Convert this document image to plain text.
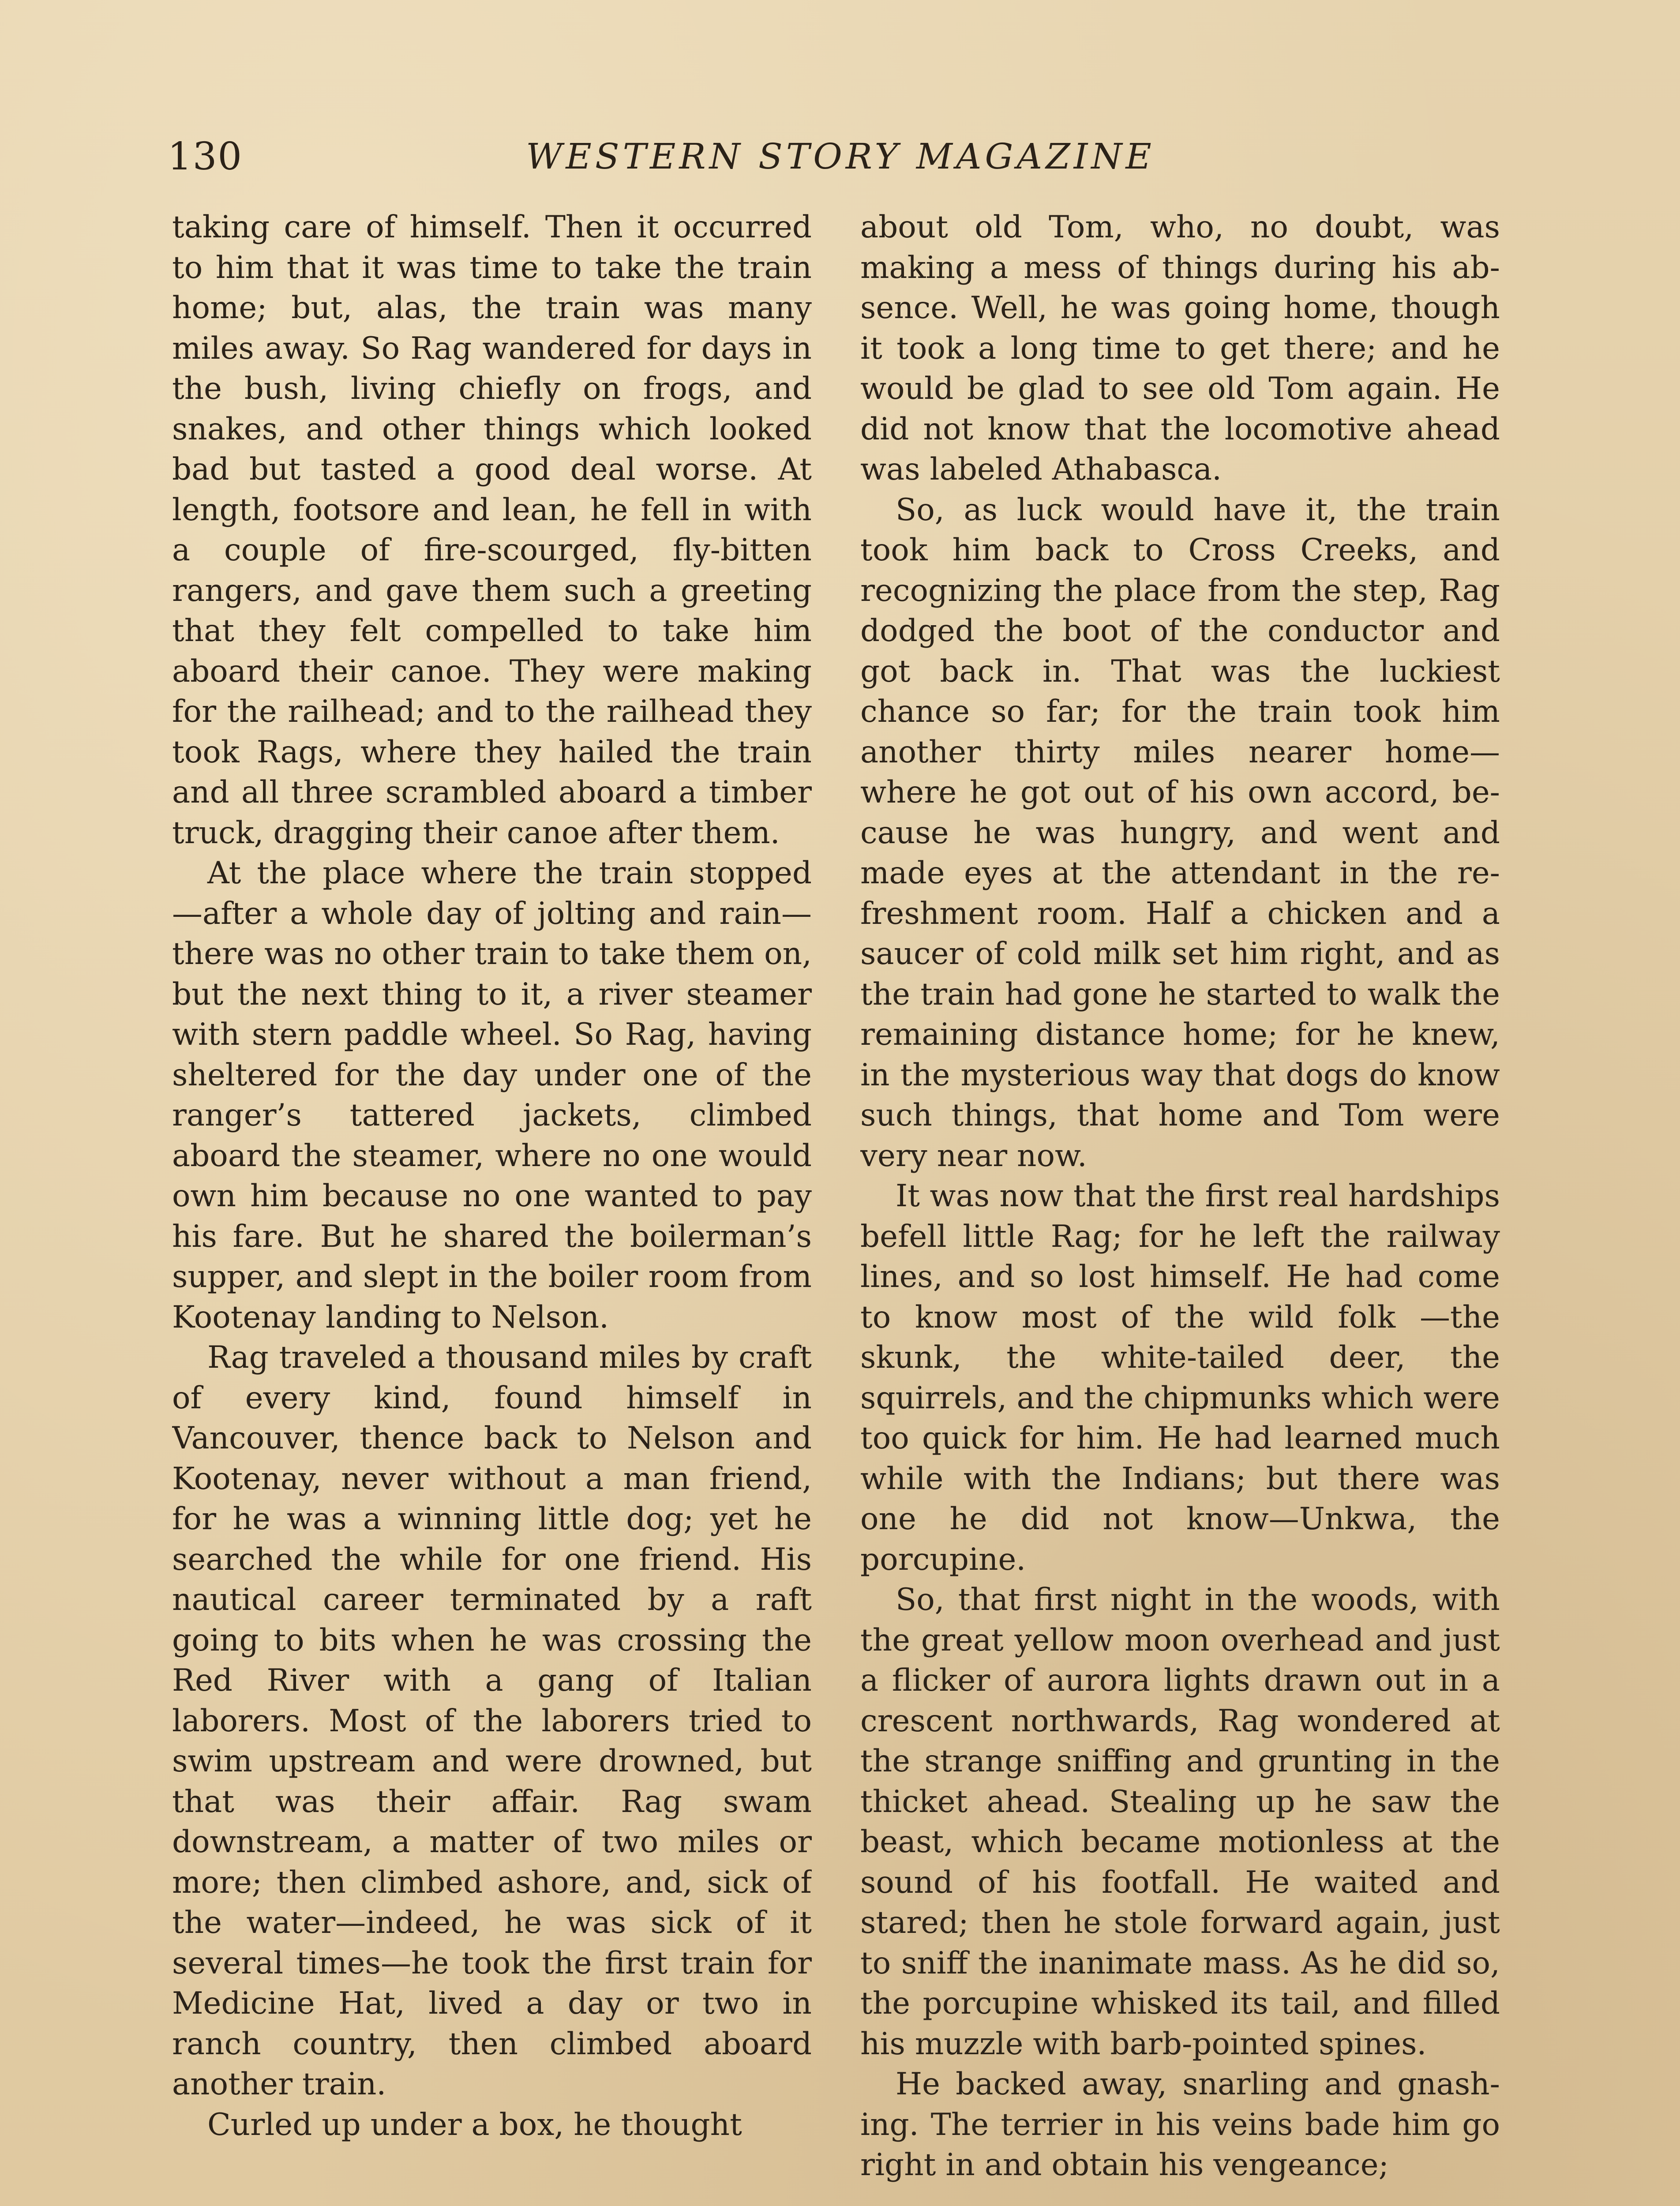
130	WESTERN STORY MAGAZINE

taking care of himself. Then it occurred to him that it was time to take the train home; but, alas, the train was many miles away. So Rag wandered for days in the bush, living chiefly on frogs, and snakes, and other things which looked bad but tasted a good deal worse. At length, footsore and lean, he fell in with a couple of fire-scourged, fly-bitten rangers, and gave them such a greeting that they felt compelled to take him aboard their canoe. They were making for the railhead; and to the railhead they took Rags, where they hailed the train and all three scrambled aboard a timber truck, dragging their canoe after them.

At the place where the train stopped —after a whole day of jolting and rain—there was no other train to take them on, but the next thing to it, a river steamer with stern paddle wheel. So Rag, having sheltered for the day under one of the ranger’s tattered jackets, climbed aboard the steamer, where no one would own him because no one wanted to pay his fare. But he shared the boilerman’s supper, and slept in the boiler room from Kootenay landing to Nelson.

Rag traveled a thousand miles by craft of every kind, found himself in Vancouver, thence back to Nelson and Kootenay, never without a man friend, for he was a winning little dog; yet he searched the while for one friend. His nautical career terminated by a raft going to bits when he was crossing the Red River with a gang of Italian laborers. Most of the laborers tried to swim upstream and were drowned, but that was their affair. Rag swam downstream, a matter of two miles or more; then climbed ashore, and, sick of the water—indeed, he was sick of it several times—he took the first train for Medicine Hat, lived a day or two in ranch country, then climbed aboard another train.

Curled up under a box, he thought

about old Tom, who, no doubt, was making a mess of things during his absence. Well, he was going home, though it took a long time to get there; and he would be glad to see old Tom again. He did not know that the locomotive ahead was labeled Athabasca.

So, as luck would have it, the train took him back to Cross Creeks, and recognizing the place from the step, Rag dodged the boot of the conductor and got back in. That was the luckiest chance so far; for the train took him another thirty miles nearer home—where he got out of his own accord, because he was hungry, and went and made eyes at the attendant in the refreshment room. Half a chicken and a saucer of cold milk set him right, and as the train had gone he started to walk the remaining distance home; for he knew, in the mysterious way that dogs do know such things, that home and Tom were very near now.

It was now that the first real hardships befell little Rag; for he left the railway lines, and so lost himself. He had come to know most of the wild folk —the skunk, the white-tailed deer, the squirrels, and the chipmunks which were too quick for him. He had learned much while with the Indians; but there was one he did not know—Unkwa, the porcupine.

So, that first night in the woods, with the great yellow moon overhead and just a flicker of aurora lights drawn out in a crescent northwards, Rag wondered at the strange sniffing and grunting in the thicket ahead. Stealing up he saw the beast, which became motionless at the sound of his footfall. He waited and stared; then he stole forward again, just to sniff the inanimate mass. As he did so, the porcupine whisked its tail, and filled his muzzle with barb-pointed spines.

He backed away, snarling and gnashing. The terrier in his veins bade him go right in and obtain his vengeance;
